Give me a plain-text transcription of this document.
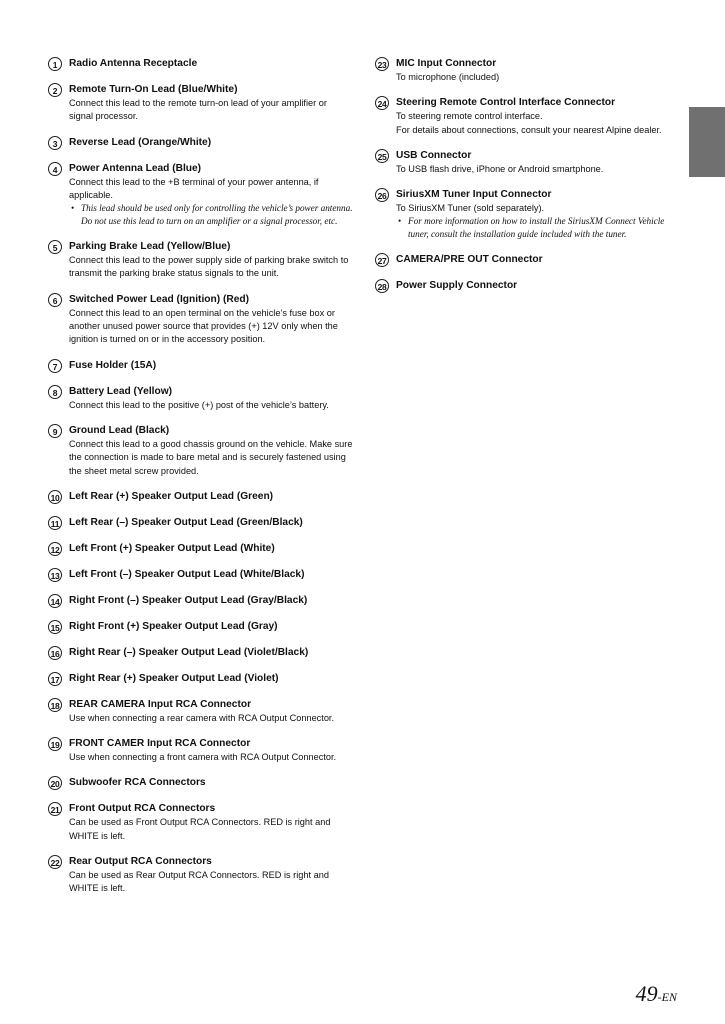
1	Radio Antenna Receptacle
2	Remote Turn-On Lead (Blue/White)
Connect this lead to the remote turn-on lead of your amplifier or signal processor.
3	Reverse Lead (Orange/White)
4	Power Antenna Lead (Blue)
Connect this lead to the +B terminal of your power antenna, if applicable.
• This lead should be used only for controlling the vehicle’s power antenna. Do not use this lead to turn on an amplifier or a signal processor, etc.
5	Parking Brake Lead (Yellow/Blue)
Connect this lead to the power supply side of parking brake switch to transmit the parking brake status signals to the unit.
6	Switched Power Lead (Ignition) (Red)
Connect this lead to an open terminal on the vehicle’s fuse box or another unused power source that provides (+) 12V only when the ignition is turned on or in the accessory position.
7	Fuse Holder (15A)
8	Battery Lead (Yellow)
Connect this lead to the positive (+) post of the vehicle’s battery.
9	Ground Lead (Black)
Connect this lead to a good chassis ground on the vehicle. Make sure the connection is made to bare metal and is securely fastened using the sheet metal screw provided.
10 Left Rear (+) Speaker Output Lead (Green)
11 Left Rear (–) Speaker Output Lead (Green/Black)
12 Left Front (+) Speaker Output Lead (White)
13 Left Front (–) Speaker Output Lead (White/Black)
14 Right Front (–) Speaker Output Lead (Gray/Black)
15 Right Front (+) Speaker Output Lead (Gray)
16 Right Rear (–) Speaker Output Lead (Violet/Black)
17 Right Rear (+) Speaker Output Lead (Violet)
18 REAR CAMERA Input RCA Connector
Use when connecting a rear camera with RCA Output Connector.
19 FRONT CAMER Input RCA Connector
Use when connecting a front camera with RCA Output Connector.
20 Subwoofer RCA Connectors
21 Front Output RCA Connectors
Can be used as Front Output RCA Connectors. RED is right and WHITE is left.
22 Rear Output RCA Connectors
Can be used as Rear Output RCA Connectors. RED is right and WHITE is left.
23 MIC Input Connector
To microphone (included)
24 Steering Remote Control Interface Connector
To steering remote control interface.
For details about connections, consult your nearest Alpine dealer.
25 USB Connector
To USB flash drive, iPhone or Android smartphone.
26 SiriusXM Tuner Input Connector
To SiriusXM Tuner (sold separately).
• For more information on how to install the SiriusXM Connect Vehicle tuner, consult the installation guide included with the tuner.
27 CAMERA/PRE OUT Connector
28 Power Supply Connector
49-EN
